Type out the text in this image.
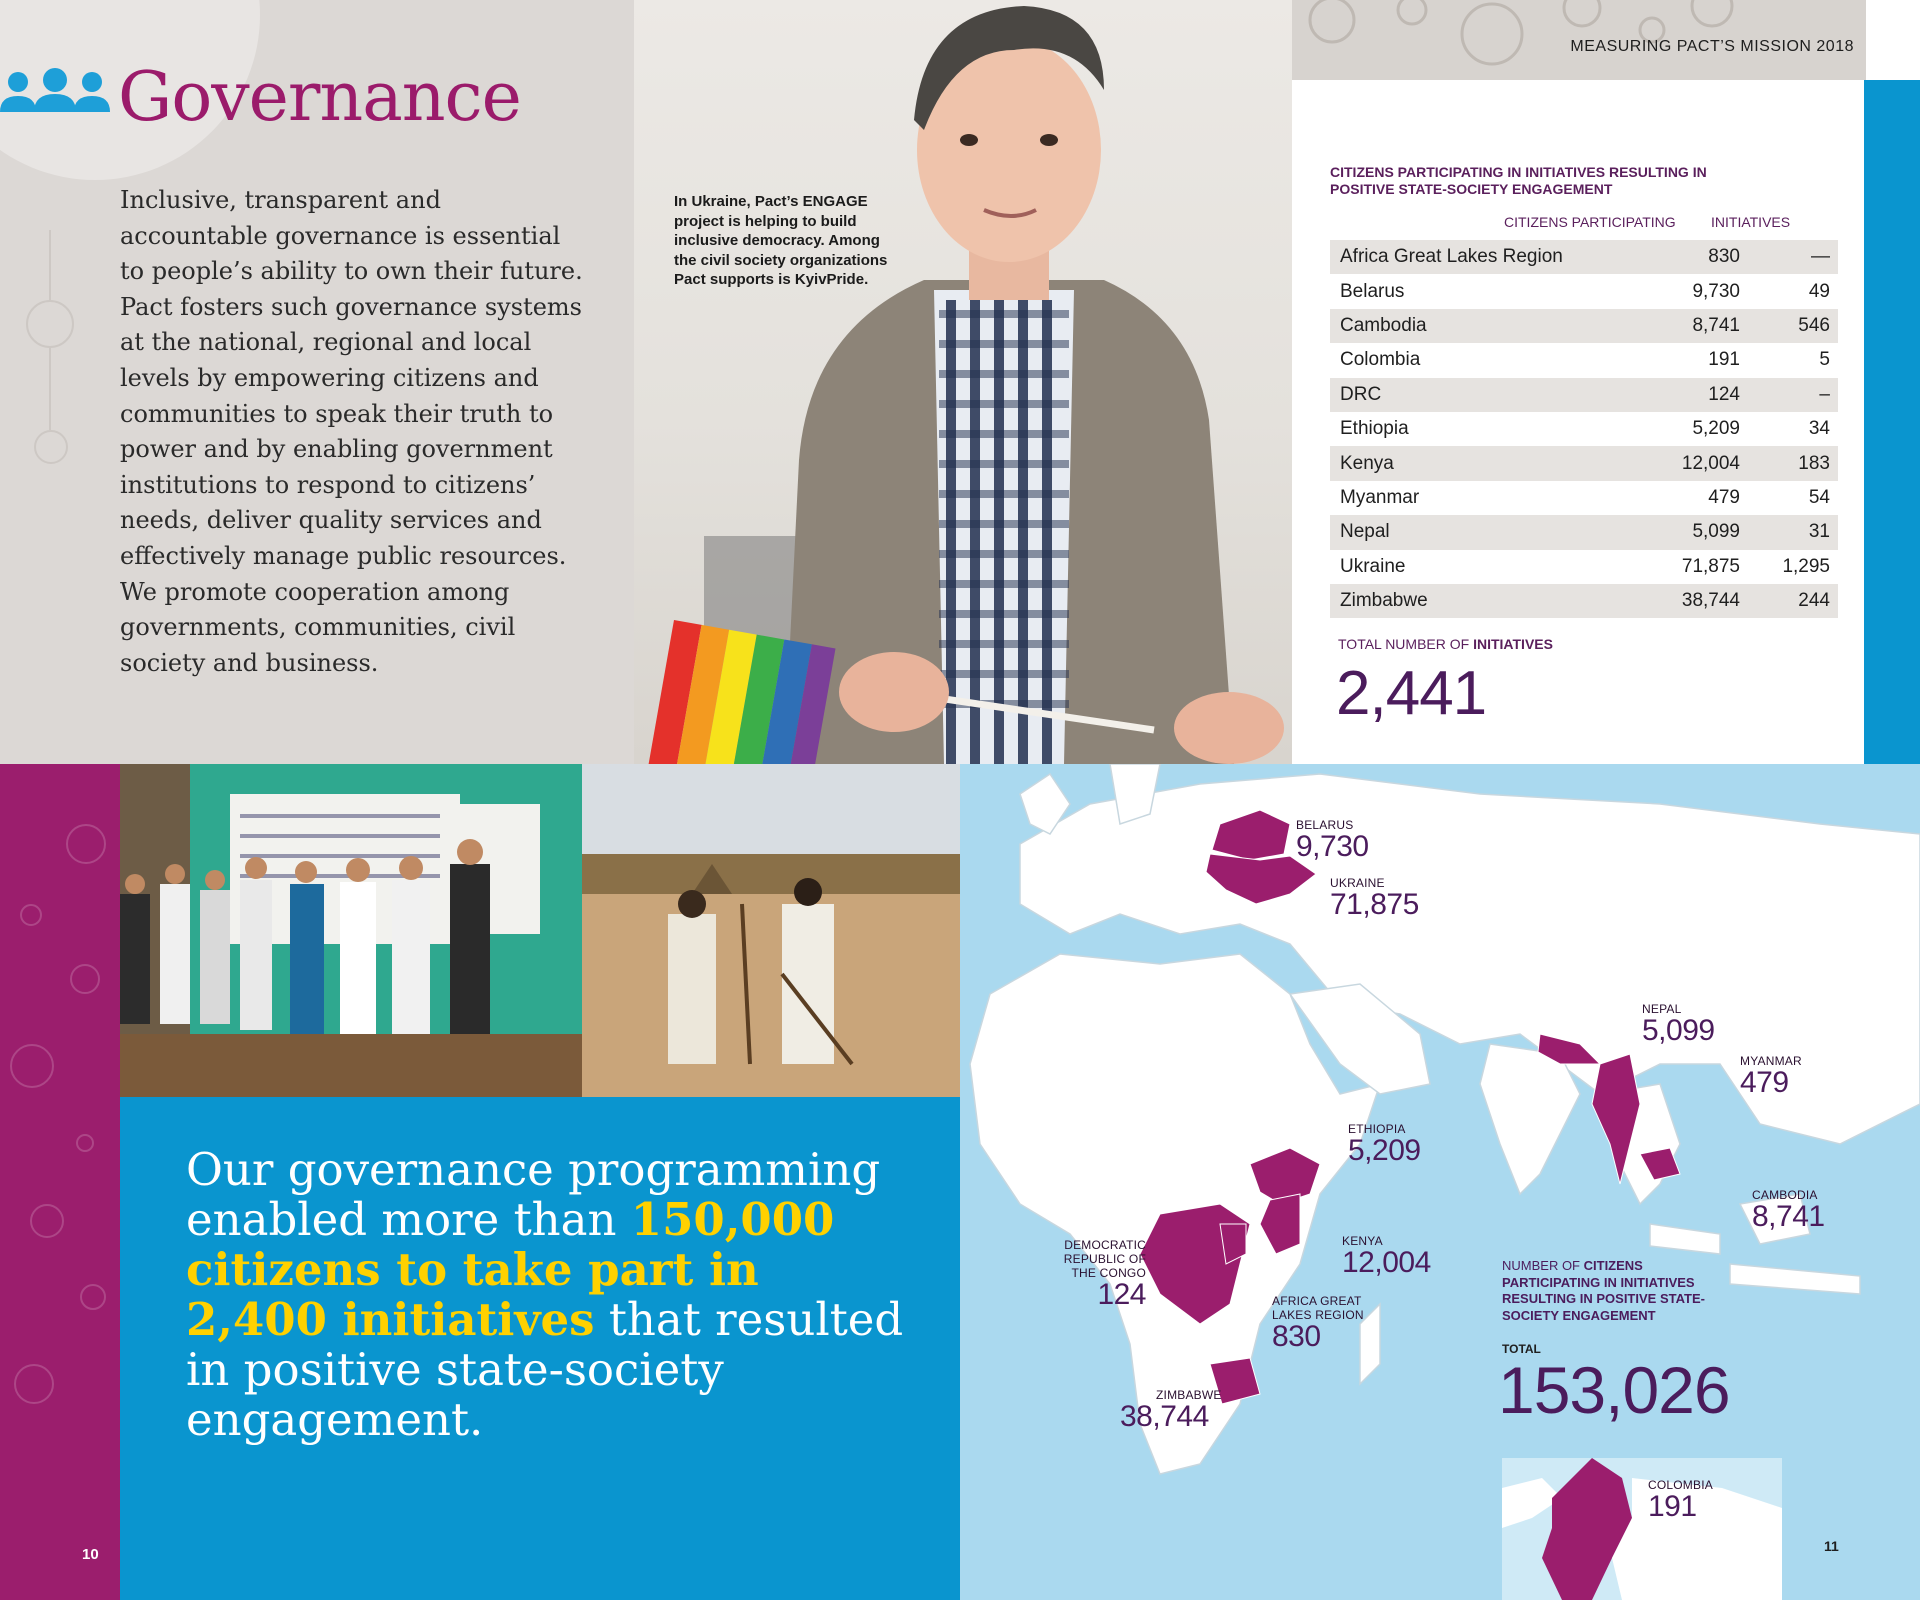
Governance

Inclusive, transparent and accountable governance is essential to people’s ability to own their future. Pact fosters such governance systems at the national, regional and local levels by empowering citizens and communities to speak their truth to power and by enabling government institutions to respond to citizens’ needs, deliver quality services and effectively manage public resources. We promote cooperation among governments, communities, civil society and business.

In Ukraine, Pact’s ENGAGE project is helping to build inclusive democracy. Among the civil society organizations Pact supports is KyivPride.

MEASURING PACT’S MISSION 2018
CITIZENS PARTICIPATING IN INITIATIVES RESULTING IN POSITIVE STATE-SOCIETY ENGAGEMENT
CITIZENS PARTICIPATING	INITIATIVES
Africa Great Lakes Region	830	—
Belarus	9,730	49
Cambodia	8,741	546
Colombia	191	5
DRC	124	–
Ethiopia	5,209	34
Kenya	12,004	183
Myanmar	479	54
Nepal	5,099	31
Ukraine	71,875	1,295
Zimbabwe	38,744	244
TOTAL NUMBER OF INITIATIVES
2,441
10

Our governance programming enabled more than 150,000 citizens to take part in 2,400 initiatives that resulted in positive state-society engagement.

BELARUS
9,730
UKRAINE
71,875
NEPAL
5,099
MYANMAR
479
ETHIOPIA
5,209
CAMBODIA
8,741
KENYA
12,004
DEMOCRATIC
REPUBLIC OF
THE CONGO
124	AFRICA GREAT
LAKES REGION
830
ZIMBABWE
38,744
NUMBER OF CITIZENS PARTICIPATING IN INITIATIVES RESULTING IN POSITIVE STATE-SOCIETY ENGAGEMENT
TOTAL
153,026
COLOMBIA
191
11
